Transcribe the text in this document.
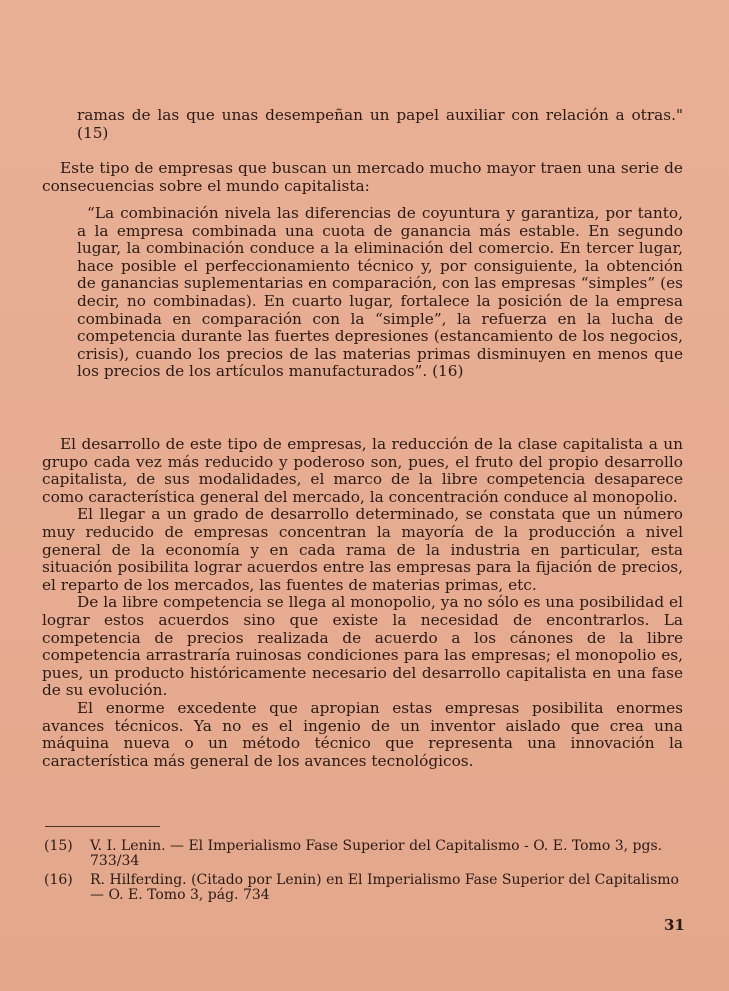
ramas de las que unas desempeñan un papel auxiliar con relación a otras." (15)

Este tipo de empresas que buscan un mercado mucho mayor traen una serie de consecuencias sobre el mundo capitalista:

“La combinación nivela las diferencias de coyuntura y garantiza, por tanto, a la empresa combinada una cuota de ganancia más estable. En segundo lugar, la combinación conduce a la eliminación del comercio. En tercer lugar, hace posible el perfeccionamiento técnico y, por consiguiente, la obtención de ganancias suplementarias en comparación, con las empresas “simples” (es decir, no combinadas). En cuarto lugar, fortalece la posición de la empresa combinada en comparación con la “simple”, la refuerza en la lucha de competencia durante las fuertes depresiones (estancamiento de los negocios, crisis), cuando los precios de las materias primas disminuyen en menos que los precios de los artículos manufacturados”. (16)

El desarrollo de este tipo de empresas, la reducción de la clase capitalista a un grupo cada vez más reducido y poderoso son, pues, el fruto del propio desarrollo capitalista, de sus modalidades, el marco de la libre competencia desaparece como característica general del mercado, la concentración conduce al monopolio.

El llegar a un grado de desarrollo determinado, se constata que un número muy reducido de empresas concentran la mayoría de la producción a nivel general de la economía y en cada rama de la industria en particular, esta situación posibilita lograr acuerdos entre las empresas para la fijación de precios, el reparto de los mercados, las fuentes de materias primas, etc.

De la libre competencia se llega al monopolio, ya no sólo es una posibilidad el lograr estos acuerdos sino que existe la necesidad de encontrarlos. La competencia de precios realizada de acuerdo a los cánones de la libre competencia arrastraría ruinosas condiciones para las empresas; el monopolio es, pues, un producto históricamente necesario del desarrollo capitalista en una fase de su evolución.

El enorme excedente que apropian estas empresas posibilita enormes avances técnicos. Ya no es el ingenio de un inventor aislado que crea una máquina nueva o un método técnico que representa una innovación la característica más general de los avances tecnológicos.

(15)	V. I. Lenin. — El Imperialismo Fase Superior del Capitalismo - O. E. Tomo 3, pgs. 733/34
(16)	R. Hilferding. (Citado por Lenin) en El Imperialismo Fase Superior del Capitalismo — O. E. Tomo 3, pág. 734
31
